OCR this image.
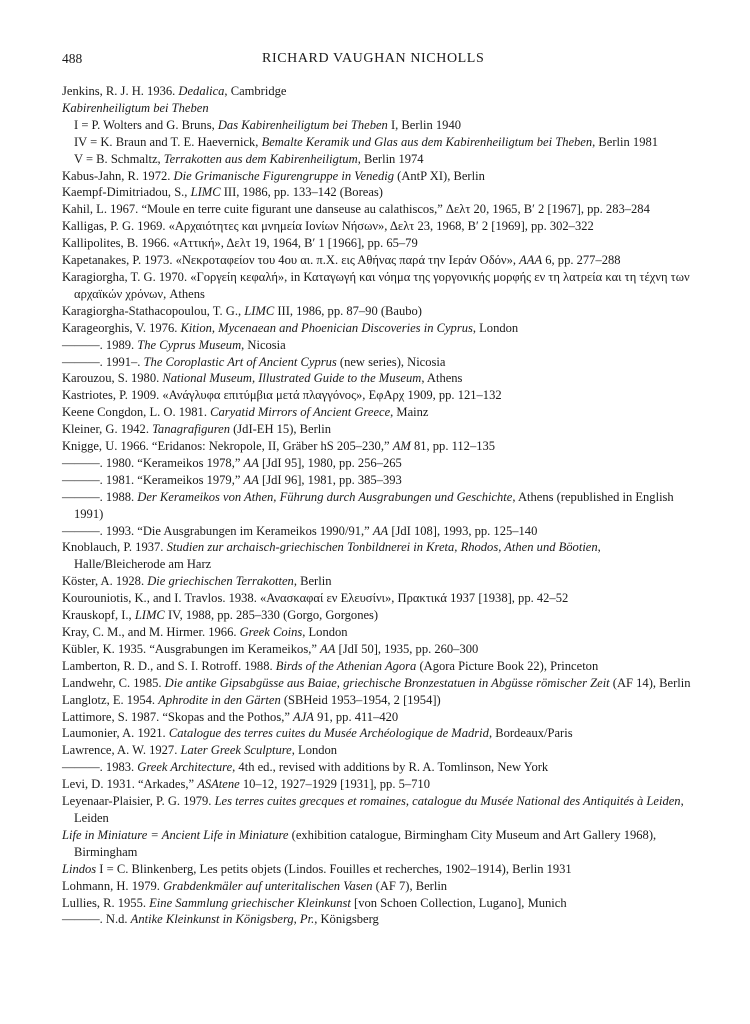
488	RICHARD VAUGHAN NICHOLLS

Jenkins, R. J. H. 1936. Dedalica, Cambridge

Kabirenheiligtum bei Theben

I = P. Wolters and G. Bruns, Das Kabirenheiligtum bei Theben I, Berlin 1940

IV = K. Braun and T. E. Haevernick, Bemalte Keramik und Glas aus dem Kabirenheiligtum bei Theben, Berlin 1981

V = B. Schmaltz, Terrakotten aus dem Kabirenheiligtum, Berlin 1974

Kabus-Jahn, R. 1972. Die Grimanische Figurengruppe in Venedig (AntP XI), Berlin

Kaempf-Dimitriadou, S., LIMC III, 1986, pp. 133–142 (Boreas)

Kahil, L. 1967. “Moule en terre cuite figurant une danseuse au calathiscos,” Δελτ 20, 1965, Β′ 2 [1967], pp. 283–284

Kalligas, P. G. 1969. «Αρχαιότητες και μνημεία Ιονίων Νήσων», Δελτ 23, 1968, Β′ 2 [1969], pp. 302–322

Kallipolites, B. 1966. «Αττική», Δελτ 19, 1964, Β′ 1 [1966], pp. 65–79

Kapetanakes, P. 1973. «Νεκροταφείον του 4ου αι. π.Χ. εις Αθήνας παρά την Ιεράν Οδόν», AAA 6, pp. 277–288

Karagiorgha, T. G. 1970. «Γοργείη κεφαλή», in Καταγωγή και νόημα της γοργονικής μορφής εν τη λατρεία και τη τέχνη των αρχαϊκών χρόνων, Athens

Karagiorgha-Stathacopoulou, T. G., LIMC III, 1986, pp. 87–90 (Baubo)

Karageorghis, V. 1976. Kition, Mycenaean and Phoenician Discoveries in Cyprus, London

———. 1989. The Cyprus Museum, Nicosia

———. 1991–. The Coroplastic Art of Ancient Cyprus (new series), Nicosia

Karouzou, S. 1980. National Museum, Illustrated Guide to the Museum, Athens

Kastriotes, P. 1909. «Ανάγλυφα επιτύμβια μετά πλαγγόνος», ΕφΑρχ 1909, pp. 121–132

Keene Congdon, L. O. 1981. Caryatid Mirrors of Ancient Greece, Mainz

Kleiner, G. 1942. Tanagrafiguren (JdI-EH 15), Berlin

Knigge, U. 1966. “Eridanos: Nekropole, II, Gräber hS 205–230,” AM 81, pp. 112–135

———. 1980. “Kerameikos 1978,” AA [JdI 95], 1980, pp. 256–265

———. 1981. “Kerameikos 1979,” AA [JdI 96], 1981, pp. 385–393

———. 1988. Der Kerameikos von Athen, Führung durch Ausgrabungen und Geschichte, Athens (republished in English 1991)

———. 1993. “Die Ausgrabungen im Kerameikos 1990/91,” AA [JdI 108], 1993, pp. 125–140

Knoblauch, P. 1937. Studien zur archaisch-griechischen Tonbildnerei in Kreta, Rhodos, Athen und Böotien, Halle/Bleicherode am Harz

Köster, A. 1928. Die griechischen Terrakotten, Berlin

Kourouniotis, K., and I. Travlos. 1938. «Ανασκαφαί εν Ελευσίνι», Πρακτικά 1937 [1938], pp. 42–52

Krauskopf, I., LIMC IV, 1988, pp. 285–330 (Gorgo, Gorgones)

Kray, C. M., and M. Hirmer. 1966. Greek Coins, London

Kübler, K. 1935. “Ausgrabungen im Kerameikos,” AA [JdI 50], 1935, pp. 260–300

Lamberton, R. D., and S. I. Rotroff. 1988. Birds of the Athenian Agora (Agora Picture Book 22), Princeton

Landwehr, C. 1985. Die antike Gipsabgüsse aus Baiae, griechische Bronzestatuen in Abgüsse römischer Zeit (AF 14), Berlin

Langlotz, E. 1954. Aphrodite in den Gärten (SBHeid 1953–1954, 2 [1954])

Lattimore, S. 1987. “Skopas and the Pothos,” AJA 91, pp. 411–420

Laumonier, A. 1921. Catalogue des terres cuites du Musée Archéologique de Madrid, Bordeaux/Paris

Lawrence, A. W. 1927. Later Greek Sculpture, London

———. 1983. Greek Architecture, 4th ed., revised with additions by R. A. Tomlinson, New York

Levi, D. 1931. “Arkades,” ASAtene 10–12, 1927–1929 [1931], pp. 5–710

Leyenaar-Plaisier, P. G. 1979. Les terres cuites grecques et romaines, catalogue du Musée National des Antiquités à Leiden, Leiden

Life in Miniature = Ancient Life in Miniature (exhibition catalogue, Birmingham City Museum and Art Gallery 1968), Birmingham

Lindos I = C. Blinkenberg, Les petits objets (Lindos. Fouilles et recherches, 1902–1914), Berlin 1931

Lohmann, H. 1979. Grabdenkmäler auf unteritalischen Vasen (AF 7), Berlin

Lullies, R. 1955. Eine Sammlung griechischer Kleinkunst [von Schoen Collection, Lugano], Munich

———. N.d. Antike Kleinkunst in Königsberg, Pr., Königsberg
